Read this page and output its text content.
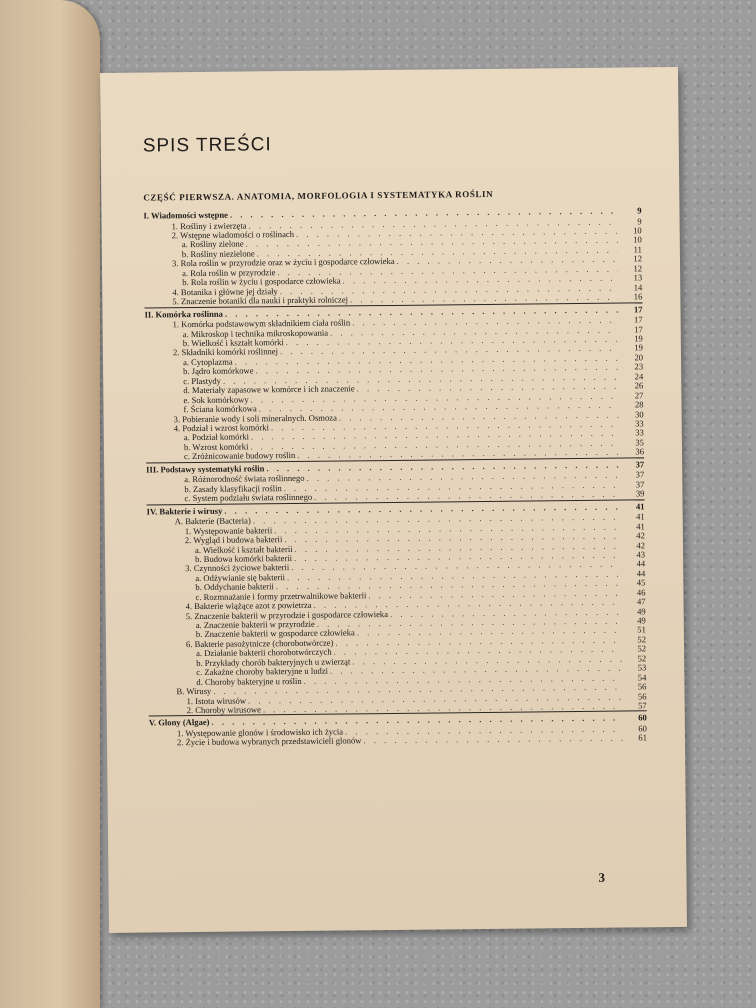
SPIS TREŚCI
CZĘŚĆ PIERWSZA. ANATOMIA, MORFOLOGIA I SYSTEMATYKA ROŚLIN
I. Wiadomości wstępne . . .	9
1. Rośliny i zwierzęta . . .	9
2. Wstępne wiadomości o roślinach . . .	10
a. Rośliny zielone . . .	10
b. Rośliny niezielone . . .	11
3. Rola roślin w przyrodzie oraz w życiu i gospodarce człowieka . . .	12
a. Rola roślin w przyrodzie . . .	12
b. Rola roślin w życiu i gospodarce człowieka . . .	13
4. Botanika i główne jej działy . . .	14
5. Znaczenie botaniki dla nauki i praktyki rolniczej . . .	16
II. Komórka roślinna . . .	17
1. Komórka podstawowym składnikiem ciała roślin . . .	17
a. Mikroskop i technika mikroskopowania . . .	17
b. Wielkość i kształt komórki . . .	19
2. Składniki komórki roślinnej . . .	19
a. Cytoplazma . . .	20
b. Jądro komórkowe . . .	23
c. Plastydy . . .	24
d. Materiały zapasowe w komórce i ich znaczenie . . .	26
e. Sok komórkowy . . .	27
f. Ściana komórkowa . . .	28
3. Pobieranie wody i soli mineralnych. Osmoza . . .	30
4. Podział i wzrost komórki . . .	33
a. Podział komórki . . .	33
b. Wzrost komórki . . .	35
c. Zróżnicowanie budowy roślin . . .	36
III. Podstawy systematyki roślin . . .	37
a. Różnorodność świata roślinnego . . .	37
b. Zasady klasyfikacji roślin . . .	37
c. System podziału świata roślinnego . . .	39
IV. Bakterie i wirusy . . .	41
A. Bakterie (Bacteria) . . .	41
1. Występowanie bakterii . . .	41
2. Wygląd i budowa bakterii . . .	42
a. Wielkość i kształt bakterii . . .	42
b. Budowa komórki bakterii . . .	43
3. Czynności życiowe bakterii . . .	44
a. Odżywianie się bakterii . . .	44
b. Oddychanie bakterii . . .	45
c. Rozmnażanie i formy przetrwalnikowe bakterii . . .	46
4. Bakterie wiążące azot z powietrza . . .	47
5. Znaczenie bakterii w przyrodzie i gospodarce człowieka . . .	49
a. Znaczenie bakterii w przyrodzie . . .	49
b. Znaczenie bakterii w gospodarce człowieka . . .	51
6. Bakterie pasożytnicze (chorobotwórcze) . . .	52
a. Działanie bakterii chorobotwórczych . . .	52
b. Przykłady chorób bakteryjnych u zwierząt . . .	52
c. Zakaźne choroby bakteryjne u ludzi . . .	53
d. Choroby bakteryjne u roślin . . .	54
B. Wirusy . . .	56
1. Istota wirusów . . .	56
2. Choroby wirusowe . . .	57
V. Glony (Algae) . . .	60
1. Występowanie glonów i środowisko ich życia . . .	60
2. Życie i budowa wybranych przedstawicieli glonów . . .	61
3
